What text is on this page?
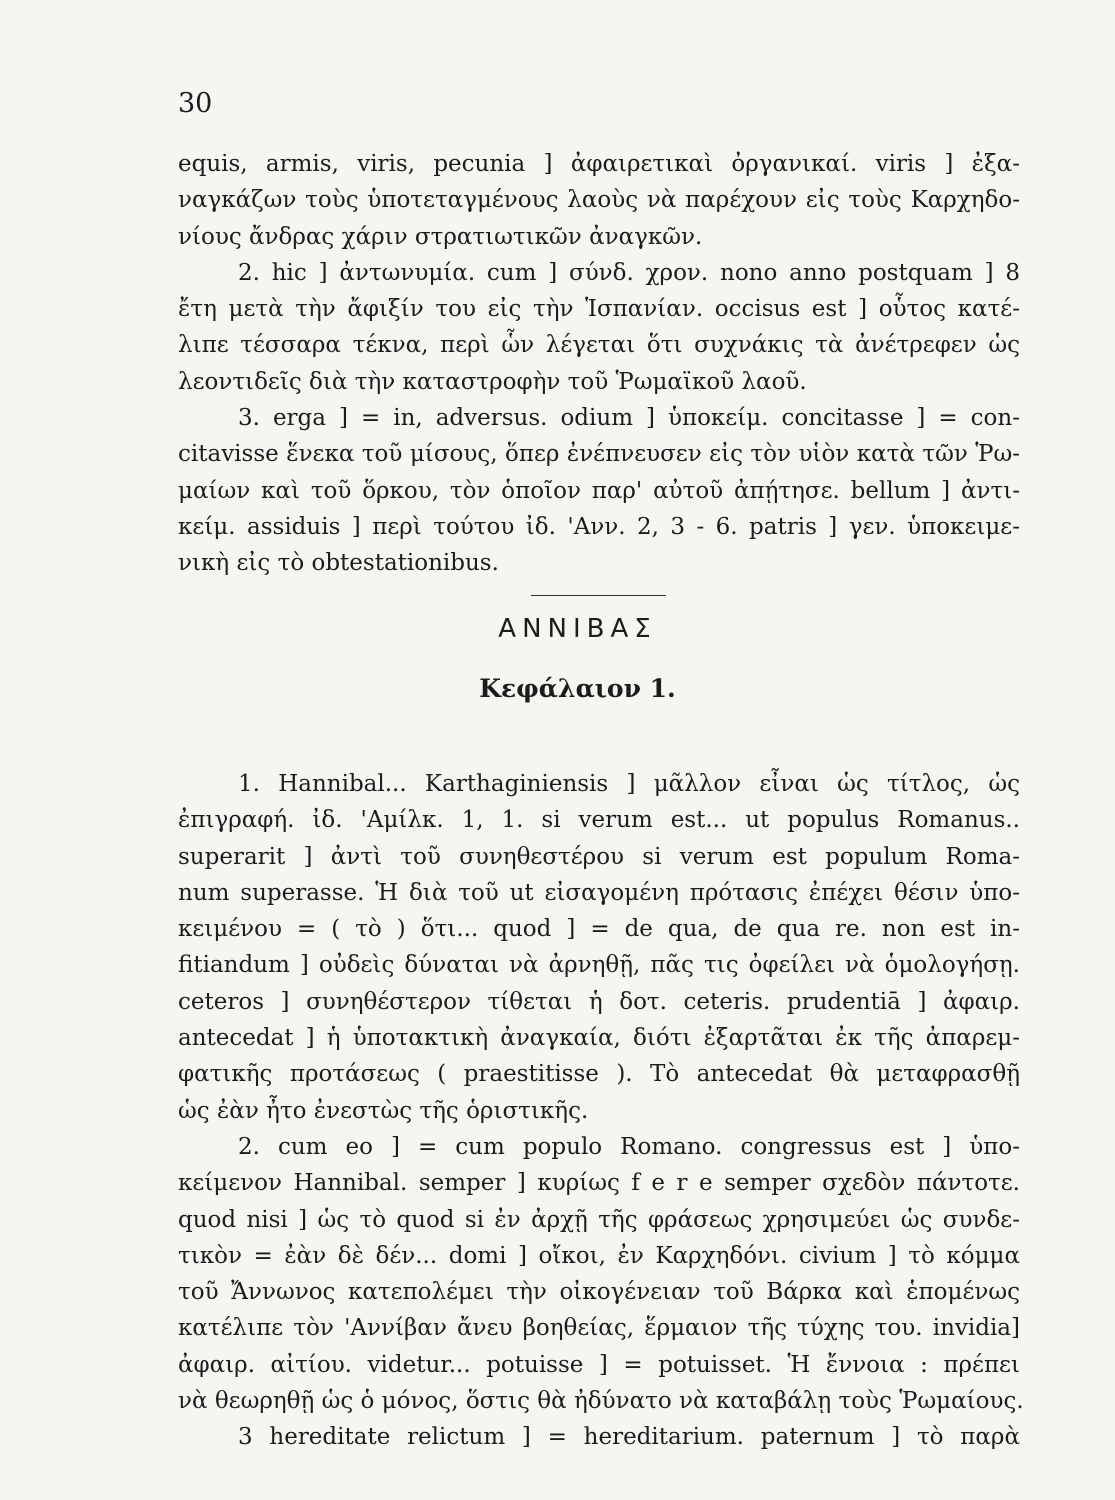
30
equis, armis, viris, pecunia ] ἀφαιρετικαὶ ὀργανικαί. viris ] ἐξα-
ναγκάζων τοὺς ὑποτεταγμένους λαοὺς νὰ παρέχουν εἰς τοὺς Καρχηδο-
νίους ἄνδρας χάριν στρατιωτικῶν ἀναγκῶν.
2. hic ] ἀντωνυμία. cum ] σύνδ. χρον. nono anno postquam ] 8
ἔτη μετὰ τὴν ἄφιξίν του εἰς τὴν Ἱσπανίαν. occisus est ] οὗτος κατέ-
λιπε τέσσαρα τέκνα, περὶ ὧν λέγεται ὅτι συχνάκις τὰ ἀνέτρεφεν ὡς
λεοντιδεῖς διὰ τὴν καταστροφὴν τοῦ Ῥωμαϊκοῦ λαοῦ.
3. erga ] = in, adversus. odium ] ὑποκείμ. concitasse ] = con-
citavisse ἕνεκα τοῦ μίσους, ὅπερ ἐνέπνευσεν εἰς τὸν υἱὸν κατὰ τῶν Ῥω-
μαίων καὶ τοῦ ὅρκου, τὸν ὁποῖον παρ' αὐτοῦ ἀπῄτησε. bellum ] ἀντι-
κείμ. assiduis ] περὶ τούτου ἰδ. 'Ανν. 2, 3 - 6. patris ] γεν. ὑποκειμε-
νικὴ εἰς τὸ obtestationibus.
ΑΝΝΙΒΑΣ
Κεφάλαιον 1.
1. Hannibal... Karthaginiensis ] μᾶλλον εἶναι ὡς τίτλος, ὡς
ἐπιγραφή. ἰδ. 'Αμίλκ. 1, 1. si verum est... ut populus Romanus..
superarit ] ἀντὶ τοῦ συνηθεστέρου si verum est populum Roma-
num superasse. Ἡ διὰ τοῦ ut εἰσαγομένη πρότασις ἐπέχει θέσιν ὑπο-
κειμένου = ( τὸ ) ὅτι... quod ] = de qua, de qua re. non est in-
fitiandum ] οὐδεὶς δύναται νὰ ἀρνηθῇ, πᾶς τις ὀφείλει νὰ ὁμολογήσῃ.
ceteros ] συνηθέστερον τίθεται ἡ δοτ. ceteris. prudentiā ] ἀφαιρ.
antecedat ] ἡ ὑποτακτικὴ ἀναγκαία, διότι ἐξαρτᾶται ἐκ τῆς ἀπαρεμ-
φατικῆς προτάσεως ( praestitisse ). Τὸ antecedat θὰ μεταφρασθῇ
ὡς ἐὰν ἦτο ἐνεστὼς τῆς ὁριστικῆς.
2. cum eo ] = cum populo Romano. congressus est ] ὑπο-
κείμενον Hannibal. semper ] κυρίως f e r e semper σχεδὸν πάντοτε.
quod nisi ] ὡς τὸ quod si ἐν ἀρχῇ τῆς φράσεως χρησιμεύει ὡς συνδε-
τικὸν = ἐὰν δὲ δέν... domi ] οἴκοι, ἐν Καρχηδόνι. civium ] τὸ κόμμα
τοῦ Ἄννωνος κατεπολέμει τὴν οἰκογένειαν τοῦ Βάρκα καὶ ἑπομένως
κατέλιπε τὸν 'Αννίβαν ἄνευ βοηθείας, ἕρμαιον τῆς τύχης του. invidia]
ἀφαιρ. αἰτίου. videtur... potuisse ] = potuisset. Ἡ ἔννοια : πρέπει
νὰ θεωρηθῇ ὡς ὁ μόνος, ὅστις θὰ ἠδύνατο νὰ καταβάλῃ τοὺς Ῥωμαίους.
3 hereditate relictum ] = hereditarium. paternum ] τὸ παρὰ
